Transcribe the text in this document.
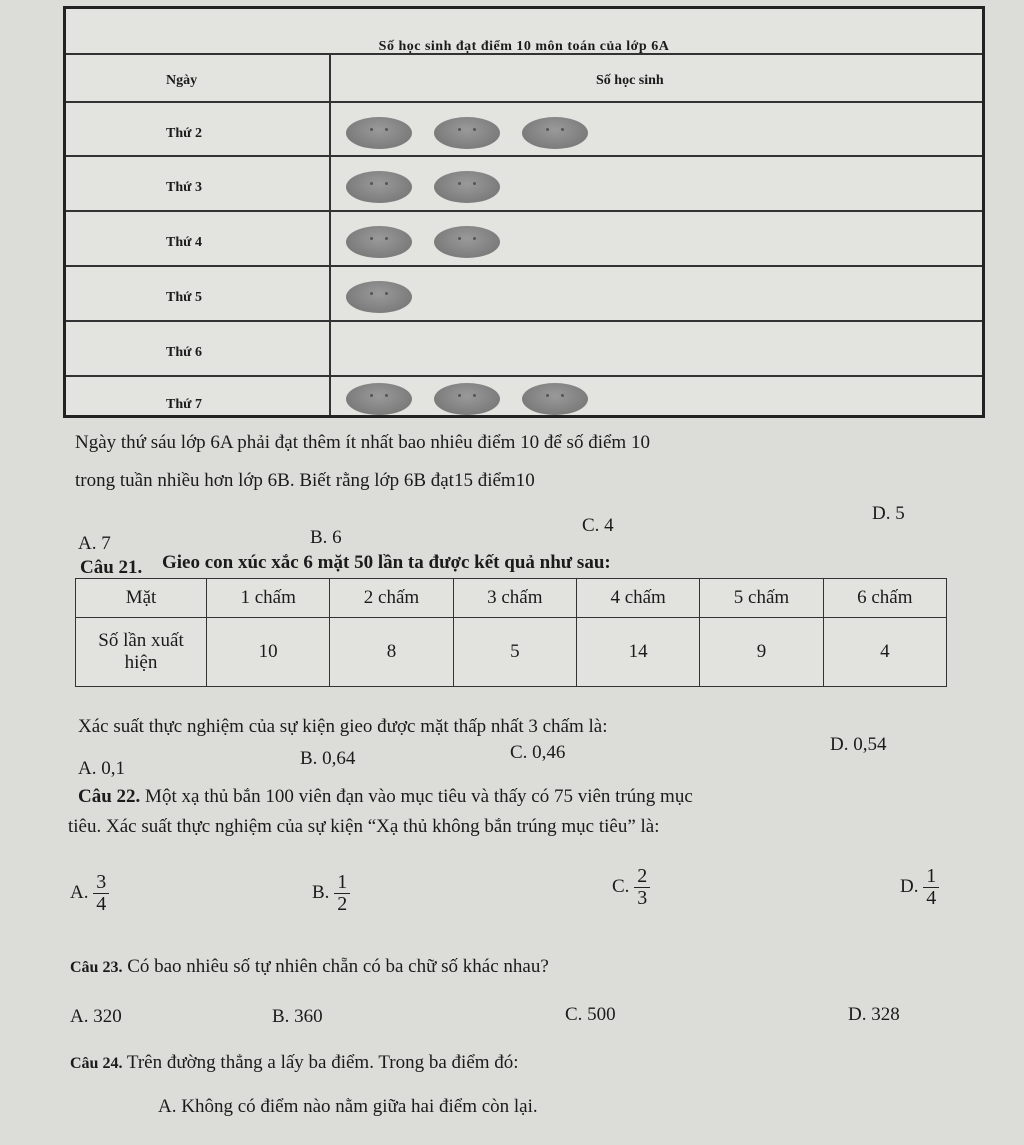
Số học sinh đạt điểm 10 môn toán của lớp 6A
Ngày	Số học sinh
Thứ 2
Thứ 3
Thứ 4
Thứ 5
Thứ 6
Thứ 7
Ngày thứ sáu lớp 6A phải đạt thêm ít nhất bao nhiêu điểm 10 để số điểm 10
trong tuần nhiều hơn lớp 6B. Biết rằng lớp 6B đạt15 điểm10
A. 7	B. 6
C. 4
D. 5
Câu 21. Gieo con xúc xắc 6 mặt 50 lần ta được kết quả như sau:
Mặt	1 chấm	2 chấm	3 chấm	4 chấm	5 chấm	6 chấm
Số lần xuất hiện	10	8	5	14	9	4
Xác suất thực nghiệm của sự kiện gieo được mặt thấp nhất 3 chấm là:
A. 0,1	B. 0,64	C. 0,46	D. 0,54
Câu 22. Một xạ thủ bắn 100 viên đạn vào mục tiêu và thấy có 75 viên trúng mục
tiêu. Xác suất thực nghiệm của sự kiện “Xạ thủ không bắn trúng mục tiêu” là:
A. $\frac{3}{4}$	B. $\frac{1}{2}$	C. $\frac{2}{3}$	D. $\frac{1}{4}$
Câu 23. Có bao nhiêu số tự nhiên chẵn có ba chữ số khác nhau?
A. 320	B. 360	C. 500	D. 328
Câu 24. Trên đường thẳng a lấy ba điểm. Trong ba điểm đó:
A. Không có điểm nào nằm giữa hai điểm còn lại.
